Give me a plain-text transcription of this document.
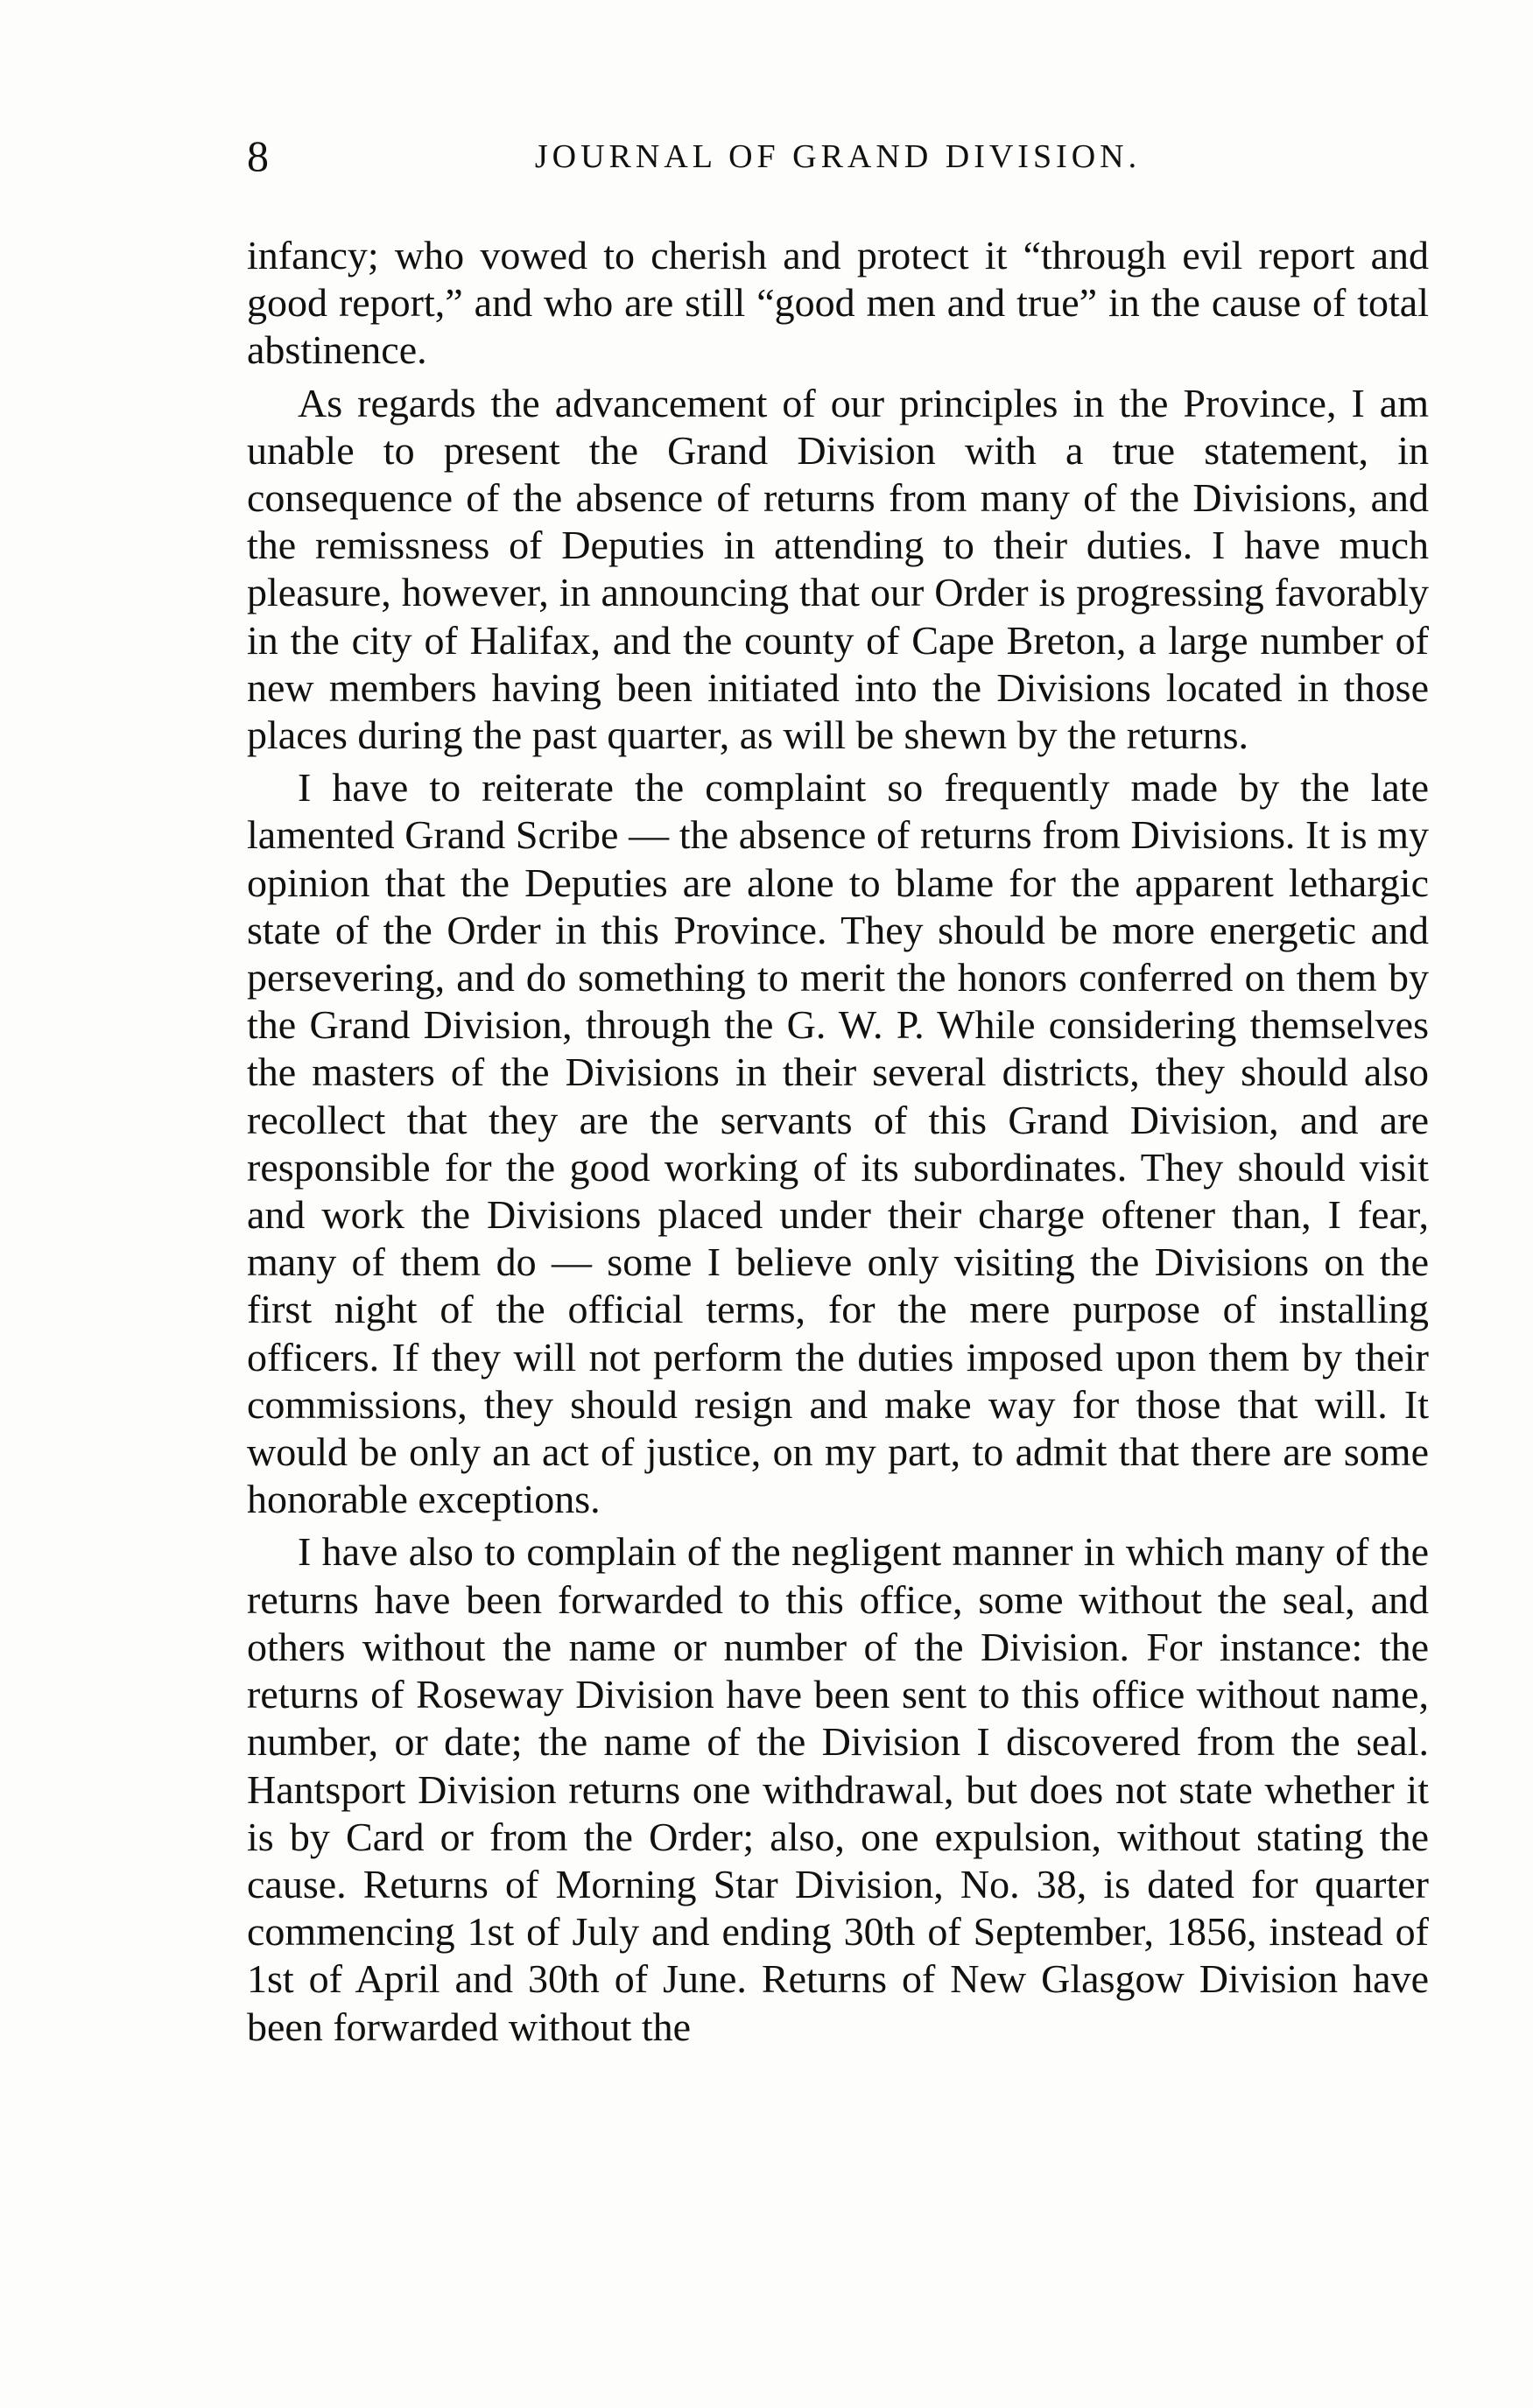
8	JOURNAL OF GRAND DIVISION.

infancy; who vowed to cherish and protect it “through evil report and good report,” and who are still “good men and true” in the cause of total abstinence.

As regards the advancement of our principles in the Province, I am unable to present the Grand Division with a true statement, in consequence of the absence of returns from many of the Divisions, and the remissness of Deputies in attending to their duties. I have much pleasure, however, in announcing that our Order is progressing favorably in the city of Halifax, and the county of Cape Breton, a large number of new members having been initiated into the Divisions located in those places during the past quarter, as will be shewn by the returns.

I have to reiterate the complaint so frequently made by the late lamented Grand Scribe — the absence of returns from Divisions. It is my opinion that the Deputies are alone to blame for the apparent lethargic state of the Order in this Province. They should be more energetic and persevering, and do something to merit the honors conferred on them by the Grand Division, through the G. W. P. While considering themselves the masters of the Divisions in their several districts, they should also recollect that they are the servants of this Grand Division, and are responsible for the good working of its subordinates. They should visit and work the Divisions placed under their charge oftener than, I fear, many of them do — some I believe only visiting the Divisions on the first night of the official terms, for the mere purpose of installing officers. If they will not perform the duties imposed upon them by their commissions, they should resign and make way for those that will. It would be only an act of justice, on my part, to admit that there are some honorable exceptions.

I have also to complain of the negligent manner in which many of the returns have been forwarded to this office, some without the seal, and others without the name or number of the Division. For instance: the returns of Roseway Division have been sent to this office without name, number, or date; the name of the Division I discovered from the seal. Hantsport Division returns one withdrawal, but does not state whether it is by Card or from the Order; also, one expulsion, without stating the cause. Returns of Morning Star Division, No. 38, is dated for quarter commencing 1st of July and ending 30th of September, 1856, instead of 1st of April and 30th of June. Returns of New Glasgow Division have been forwarded without the
